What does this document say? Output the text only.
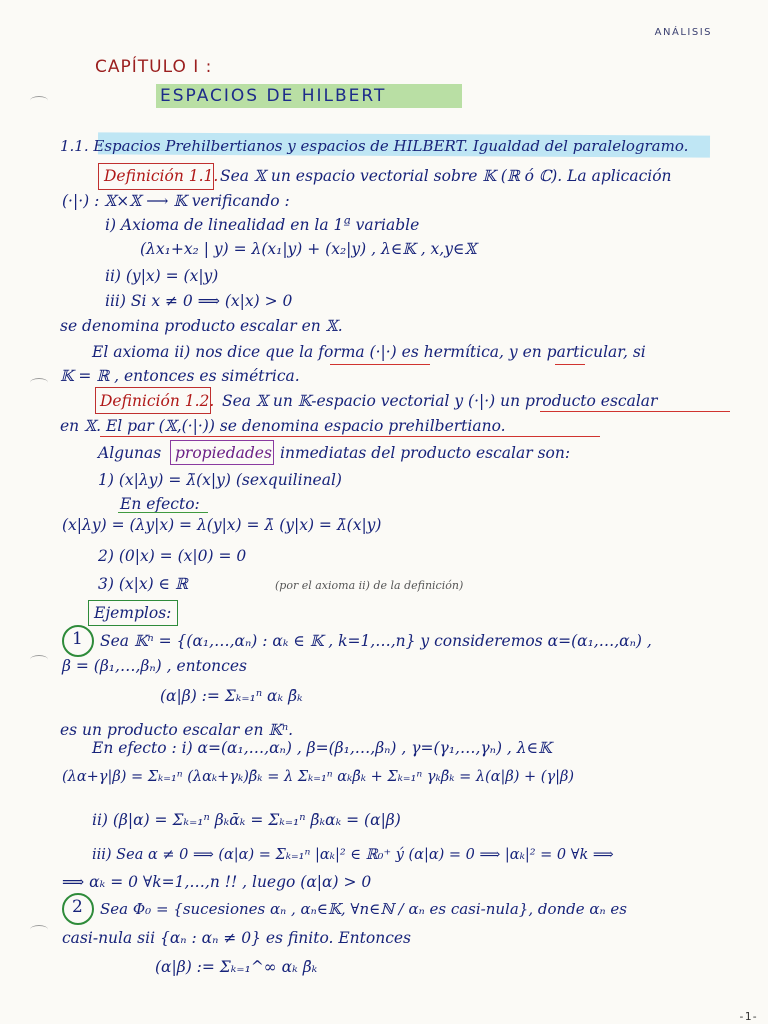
ANÁLISIS
CAPÍTULO I :
ESPACIOS DE HILBERT
1.1. Espacios Prehilbertianos y espacios de HILBERT. Igualdad del paralelogramo.
Definición 1.1. Sea 𝕏 un espacio vectorial sobre 𝕂 (ℝ ó ℂ). La aplicación
(·|·) : 𝕏×𝕏 ⟶ 𝕂 verificando :
i) Axioma de linealidad en la 1ª variable
(λx₁+x₂ | y) = λ(x₁|y) + (x₂|y) , λ∈𝕂 , x,y∈𝕏
ii) (y|x) = (x|y)
iii) Si x ≠ 0 ⟹ (x|x) > 0
se denomina producto escalar en 𝕏.
El axioma ii) nos dice que la forma (·|·) es hermítica, y en particular, si
𝕂 = ℝ , entonces es simétrica.
Definición 1.2. Sea 𝕏 un 𝕂-espacio vectorial y (·|·) un producto escalar
en 𝕏. El par (𝕏,(·|·)) se denomina espacio prehilbertiano.
Algunas propiedades inmediatas del producto escalar son:
1) (x|λy) = λ̄(x|y) (sexquilineal)
En efecto:
(x|λy) = (λy|x) = λ(y|x) = λ̄ (y|x) = λ̄(x|y)
2) (0|x) = (x|0) = 0
3) (x|x) ∈ ℝ	(por el axioma ii) de la definición)
Ejemplos:
1 Sea 𝕂ⁿ = {(α₁,…,αₙ) : αₖ ∈ 𝕂 , k=1,…,n} y consideremos α=(α₁,…,αₙ) ,
β = (β₁,…,βₙ) , entonces
(α|β) := Σₖ₌₁ⁿ αₖ β̄ₖ
es un producto escalar en 𝕂ⁿ.
En efecto : i) α=(α₁,…,αₙ) , β=(β₁,…,βₙ) , γ=(γ₁,…,γₙ) , λ∈𝕂
(λα+γ|β) = Σₖ₌₁ⁿ (λαₖ+γₖ)β̄ₖ = λ Σₖ₌₁ⁿ αₖβ̄ₖ + Σₖ₌₁ⁿ γₖβ̄ₖ = λ(α|β) + (γ|β)
ii) (β|α) = Σₖ₌₁ⁿ βₖᾱₖ = Σₖ₌₁ⁿ β̄ₖαₖ = (α|β)
iii) Sea α ≠ 0 ⟹ (α|α) = Σₖ₌₁ⁿ |αₖ|² ∈ ℝ₀⁺ ý (α|α) = 0 ⟹ |αₖ|² = 0 ∀k ⟹
⟹ αₖ = 0 ∀k=1,…,n !! , luego (α|α) > 0
2 Sea Φ₀ = {sucesiones αₙ , αₙ∈𝕂, ∀n∈ℕ / αₙ es casi-nula}, donde αₙ es
casi-nula sii {αₙ : αₙ ≠ 0} es finito. Entonces
(α|β) := Σₖ₌₁^∞ αₖ β̄ₖ
-1-
